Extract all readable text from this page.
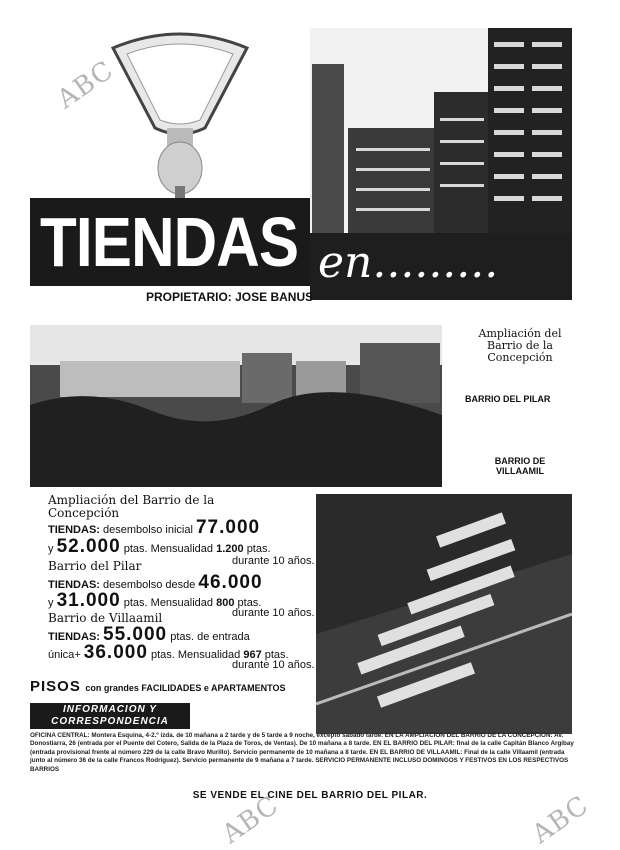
ABC
ABC	ABC
TIENDAS en.........
PROPIETARIO: JOSE BANUS
Ampliación del Barrio de la Concepción
BARRIO DEL PILAR
BARRIO DE VILLAAMIL
Ampliación del Barrio de la Concepción
TIENDAS: desembolso inicial 77.000
y 52.000 ptas. Mensualidad 1.200 ptas.
durante 10 años.
Barrio del Pilar
TIENDAS: desembolso desde 46.000
y 31.000 ptas. Mensualidad 800 ptas.
durante 10 años.
Barrio de Villaamil
TIENDAS: 55.000 ptas. de entrada
única+ 36.000 ptas. Mensualidad 967 ptas.
durante 10 años.
PISOS con grandes FACILIDADES e APARTAMENTOS
INFORMACION Y
CORRESPONDENCIA
OFICINA CENTRAL: Montera Esquina, 4-2.º izda. de 10 mañana a 2 tarde y de 5 tarde a 9 noche, excepto sábado tarde. EN LA AMPLIACION DEL BARRIO DE LA CONCEPCION: Av. Donostiarra, 26 (entrada por el Puente del Cotero, Salida de la Plaza de Toros, de Ventas). De 10 mañana a 8 tarde. EN EL BARRIO DEL PILAR: final de la calle Capitán Blanco Argibay (entrada provisional frente al número 229 de la calle Bravo Murillo). Servicio permanente de 10 mañana a 8 tarde. EN EL BARRIO DE VILLAAMIL: Final de la calle Villaamil (entrada junto al número 36 de la calle Francos Rodríguez). Servicio permanente de 9 mañana a 7 tarde. SERVICIO PERMANENTE INCLUSO DOMINGOS Y FESTIVOS EN LOS RESPECTIVOS BARRIOS
SE VENDE EL CINE DEL BARRIO DEL PILAR.
